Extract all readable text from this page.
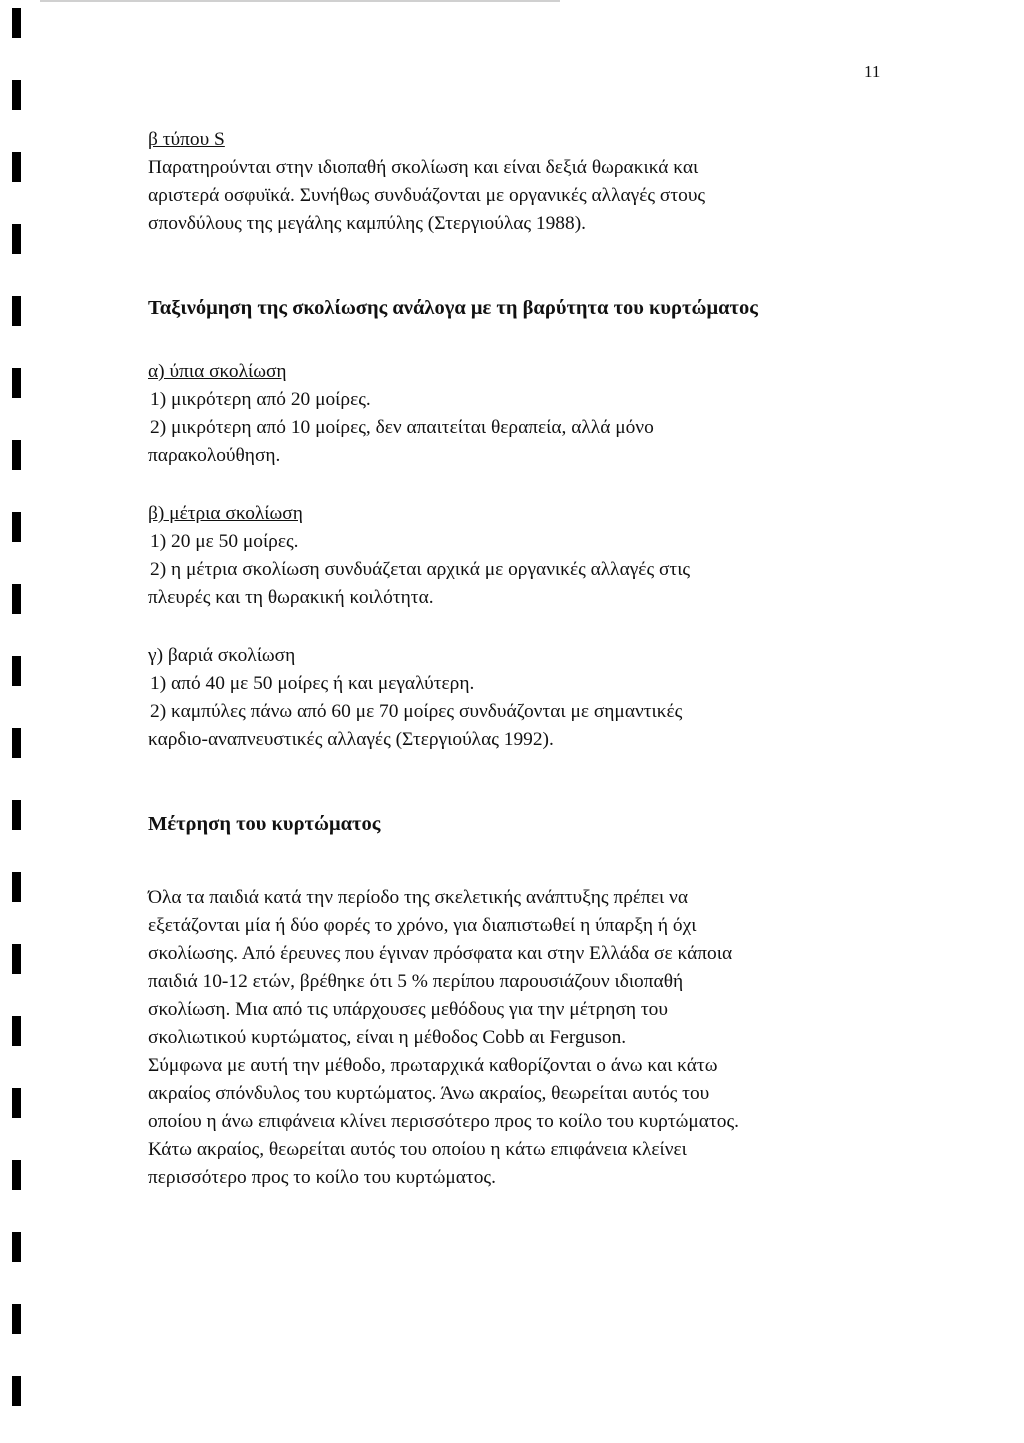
11

β τύπου S

Παρατηρούνται στην ιδιοπαθή σκολίωση και είναι δεξιά θωρακικά και

αριστερά οσφυϊκά. Συνήθως συνδυάζονται με οργανικές αλλαγές στους

σπονδύλους της μεγάλης καμπύλης (Στεργιούλας 1988).

Ταξινόμηση της σκολίωσης ανάλογα με τη βαρύτητα του κυρτώματος

α) ύπια σκολίωση

1) μικρότερη από 20 μοίρες.

2) μικρότερη από 10 μοίρες, δεν απαιτείται θεραπεία, αλλά μόνο

παρακολούθηση.

β) μέτρια σκολίωση

1) 20 με 50 μοίρες.

2) η μέτρια σκολίωση συνδυάζεται αρχικά με οργανικές αλλαγές στις

πλευρές και τη θωρακική κοιλότητα.

γ) βαριά σκολίωση

1) από 40 με 50 μοίρες ή και μεγαλύτερη.

2) καμπύλες πάνω από 60 με 70 μοίρες συνδυάζονται με σημαντικές

καρδιο-αναπνευστικές αλλαγές (Στεργιούλας 1992).

Μέτρηση του κυρτώματος

Όλα τα παιδιά κατά την περίοδο της σκελετικής ανάπτυξης πρέπει να

εξετάζονται μία ή δύο φορές το χρόνο, για διαπιστωθεί η ύπαρξη ή όχι

σκολίωσης. Από έρευνες που έγιναν πρόσφατα και στην Ελλάδα σε κάποια

παιδιά 10-12 ετών, βρέθηκε ότι 5 % περίπου παρουσιάζουν ιδιοπαθή

σκολίωση. Μια από τις υπάρχουσες μεθόδους για την μέτρηση του

σκολιωτικού κυρτώματος, είναι η μέθοδος Cobb αι Ferguson.

Σύμφωνα με αυτή την μέθοδο, πρωταρχικά καθορίζονται ο άνω και κάτω

ακραίος σπόνδυλος του κυρτώματος. Άνω ακραίος, θεωρείται αυτός του

οποίου η άνω επιφάνεια κλίνει περισσότερο προς το κοίλο του κυρτώματος.

Κάτω ακραίος, θεωρείται αυτός του οποίου η κάτω επιφάνεια κλείνει

περισσότερο προς το κοίλο του κυρτώματος.
